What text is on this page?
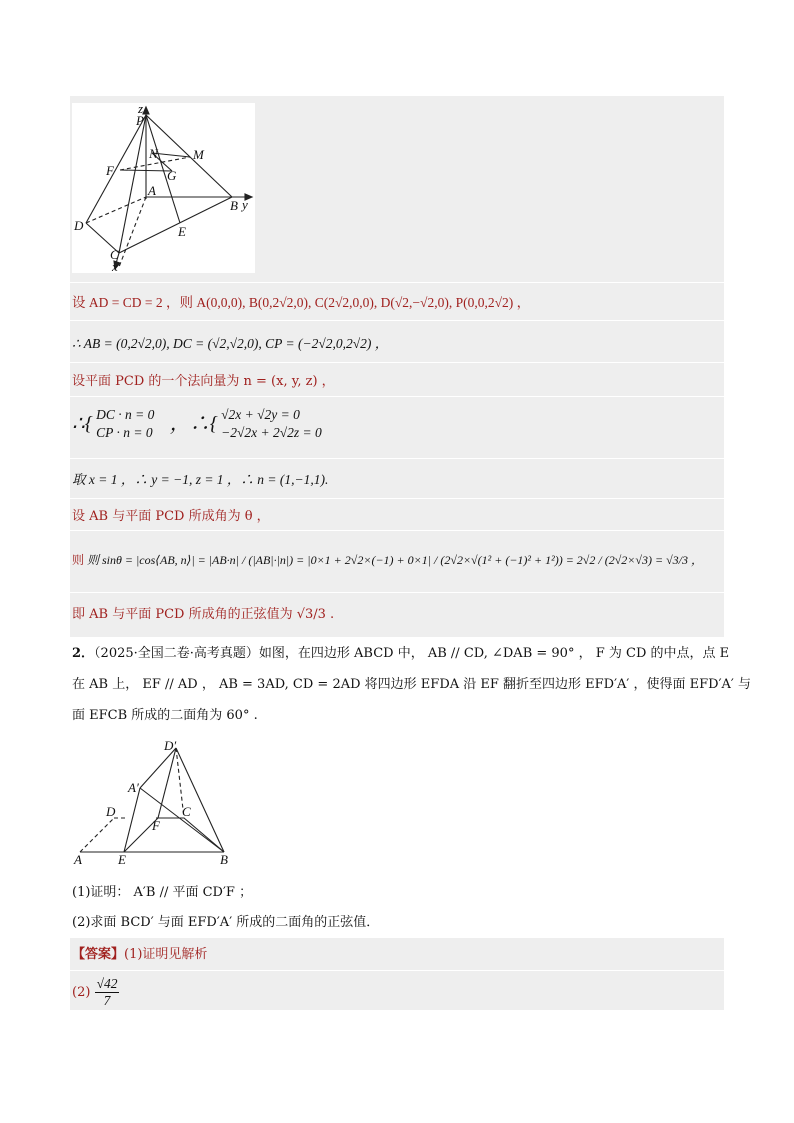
z
P
N	M
F	G
A
B y
D	E
C
x
设 AD = CD = 2 ，则 A(0,0,0), B(0,2√2,0), C(2√2,0,0), D(√2,−√2,0), P(0,0,2√2) ，
∴ AB = (0,2√2,0), DC = (√2,√2,0), CP = (−2√2,0,2√2) ，
设平面 PCD 的一个法向量为 n = (x, y, z) ，
∴{ DC · n = 0
CP · n = 0 ，∴{ √2x + √2y = 0
−2√2x + 2√2z = 0
取 x = 1 ，∴ y = −1, z = 1 ，∴ n = (1,−1,1).
设 AB 与平面 PCD 所成角为 θ ，
则 则 sinθ = |cos⟨AB, n⟩| = |AB·n| / (|AB|·|n|) = |0×1 + 2√2×(−1) + 0×1| / (2√2×√(1² + (−1)² + 1²)) = 2√2 / (2√2×√3) = √3/3 ，
即 AB 与平面 PCD 所成角的正弦值为 √3/3 .
2．（2025·全国二卷·高考真题）如图，在四边形 ABCD 中， AB // CD, ∠DAB = 90° ， F 为 CD 的中点，点 E
在 AB 上， EF // AD ， AB = 3AD, CD = 2AD 将四边形 EFDA 沿 EF 翻折至四边形 EFD′A′ ，使得面 EFD′A′ 与
面 EFCB 所成的二面角为 60° .
D′
A′
D	C
F
A	E	B
(1)证明： A′B // 平面 CD′F ；
(2)求面 BCD′ 与面 EFD′A′ 所成的二面角的正弦值．
【答案】(1)证明见解析
$(2) \frac{√42}{7}$
